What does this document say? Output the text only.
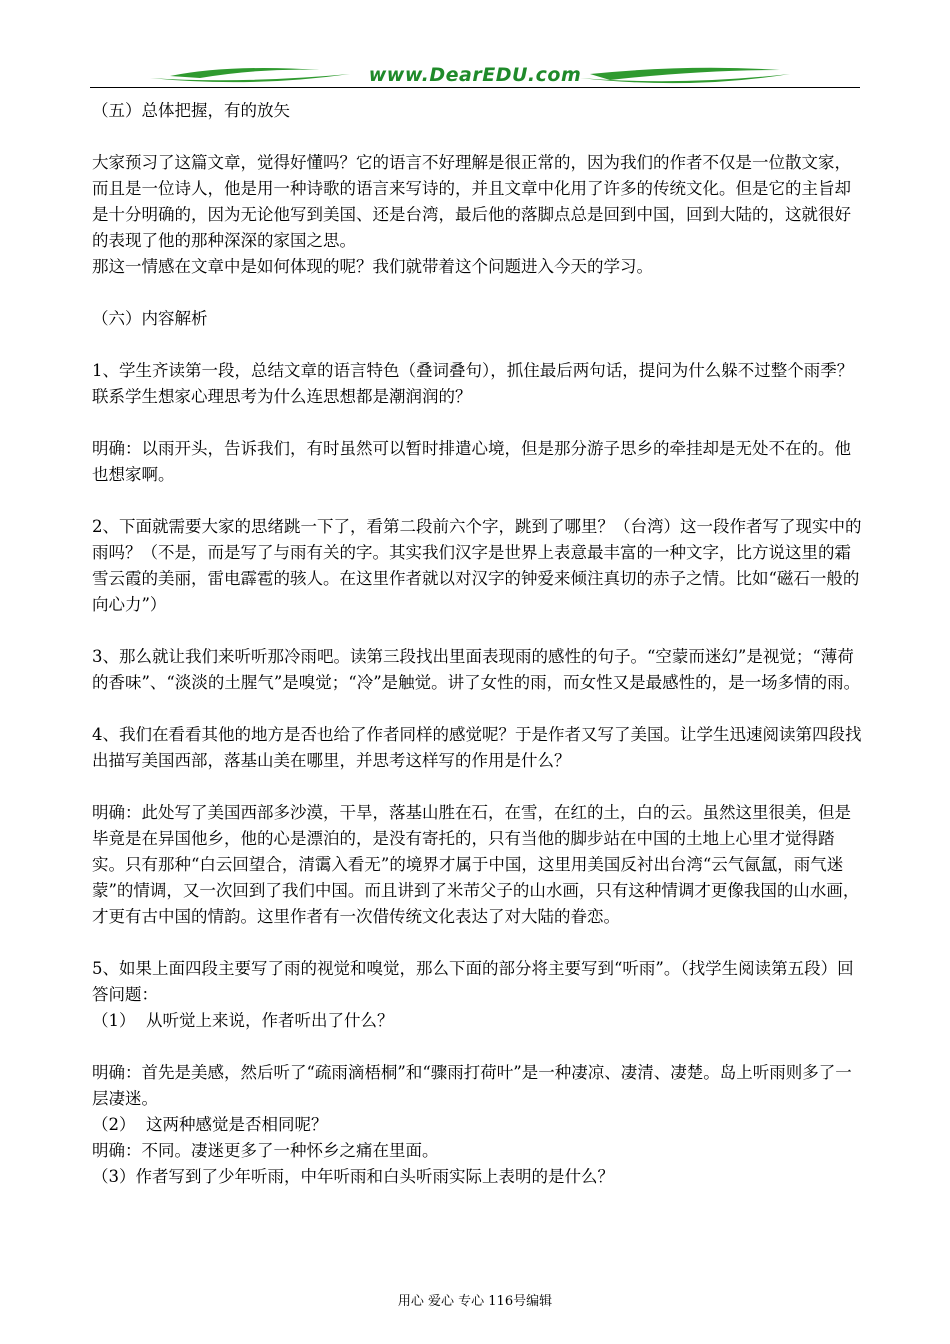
www.DearEDU.com
（五）总体把握，有的放矢
大家预习了这篇文章，觉得好懂吗？它的语言不好理解是很正常的，因为我们的作者不仅是一位散文家，而且是一位诗人，他是用一种诗歌的语言来写诗的，并且文章中化用了许多的传统文化。但是它的主旨却是十分明确的，因为无论他写到美国、还是台湾，最后他的落脚点总是回到中国，回到大陆的，这就很好的表现了他的那种深深的家国之思。
那这一情感在文章中是如何体现的呢？我们就带着这个问题进入今天的学习。
（六）内容解析
1、学生齐读第一段，总结文章的语言特色（叠词叠句），抓住最后两句话，提问为什么躲不过整个雨季？联系学生想家心理思考为什么连思想都是潮润润的？
明确：以雨开头，告诉我们，有时虽然可以暂时排遣心境，但是那分游子思乡的牵挂却是无处不在的。他也想家啊。
2、下面就需要大家的思绪跳一下了，看第二段前六个字，跳到了哪里？（台湾）这一段作者写了现实中的雨吗？（不是，而是写了与雨有关的字。其实我们汉字是世界上表意最丰富的一种文字，比方说这里的霜雪云霞的美丽，雷电霹雹的骇人。在这里作者就以对汉字的钟爱来倾注真切的赤子之情。比如“磁石一般的向心力”）
3、那么就让我们来听听那冷雨吧。读第三段找出里面表现雨的感性的句子。“空蒙而迷幻”是视觉；“薄荷的香味”、“淡淡的土腥气”是嗅觉；“冷”是触觉。讲了女性的雨，而女性又是最感性的，是一场多情的雨。
4、我们在看看其他的地方是否也给了作者同样的感觉呢？于是作者又写了美国。让学生迅速阅读第四段找出描写美国西部，落基山美在哪里，并思考这样写的作用是什么？
明确：此处写了美国西部多沙漠，干旱，落基山胜在石，在雪，在红的土，白的云。虽然这里很美，但是毕竟是在异国他乡，他的心是漂泊的，是没有寄托的，只有当他的脚步站在中国的土地上心里才觉得踏实。只有那种“白云回望合，清霭入看无”的境界才属于中国，这里用美国反衬出台湾“云气氤氲，雨气迷蒙”的情调，又一次回到了我们中国。而且讲到了米芾父子的山水画，只有这种情调才更像我国的山水画，才更有古中国的情韵。这里作者有一次借传统文化表达了对大陆的眷恋。
5、如果上面四段主要写了雨的视觉和嗅觉，那么下面的部分将主要写到“听雨”。（找学生阅读第五段）回答问题：
（1）  从听觉上来说，作者听出了什么？
明确：首先是美感，然后听了“疏雨滴梧桐”和“骤雨打荷叶”是一种凄凉、凄清、凄楚。岛上听雨则多了一层凄迷。
（2）  这两种感觉是否相同呢？
明确：不同。凄迷更多了一种怀乡之痛在里面。
（3）作者写到了少年听雨，中年听雨和白头听雨实际上表明的是什么？
用心 爱心 专心 116号编辑
